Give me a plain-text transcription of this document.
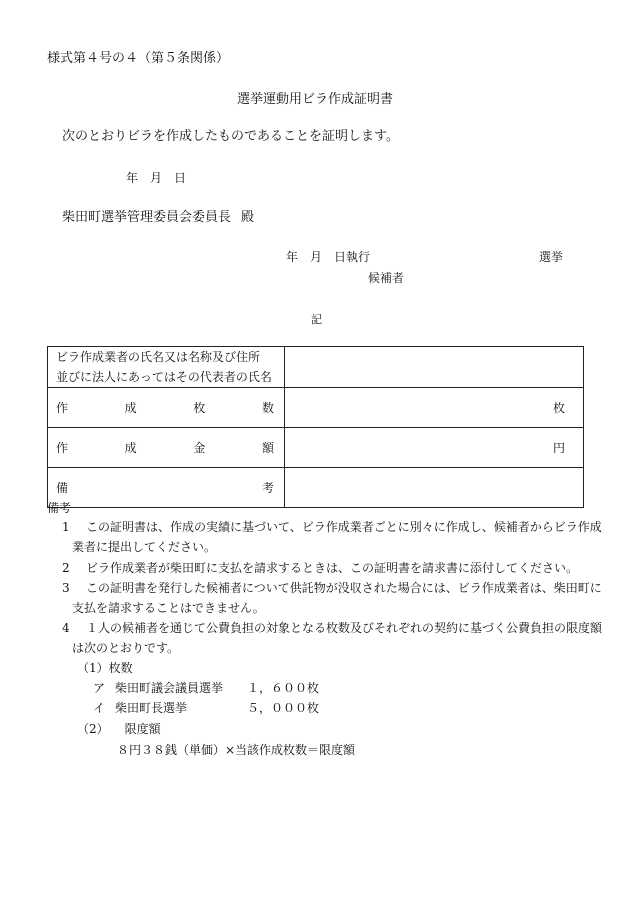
様式第４号の４（第５条関係）
選挙運動用ビラ作成証明書
次のとおりビラを作成したものであることを証明します。
年　月　日
柴田町選挙管理委員会委員長 殿
年　月　日執行	選挙
候補者
記
ビラ作成業者の氏名又は名称及び住所
並びに法人にあってはその代表者の氏名	

作 成 枚 数	枚

作 成 金 額	円

備 考	

備考
1 この証明書は、作成の実績に基づいて、ビラ作成業者ごとに別々に作成し、候補者からビラ作成
業者に提出してください。
2 ビラ作成業者が柴田町に支払を請求するときは、この証明書を請求書に添付してください。
3 この証明書を発行した候補者について供託物が没収された場合には、ビラ作成業者は、柴田町に
支払を請求することはできません。
4 １人の候補者を通じて公費負担の対象となる枚数及びそれぞれの契約に基づく公費負担の限度額
は次のとおりです。
（1）枚数
ア 柴田町議会議員選挙 １，６００枚
イ 柴田町長選挙	５，０００枚
（2） 限度額
８円３８銭（単価）×当該作成枚数＝限度額
